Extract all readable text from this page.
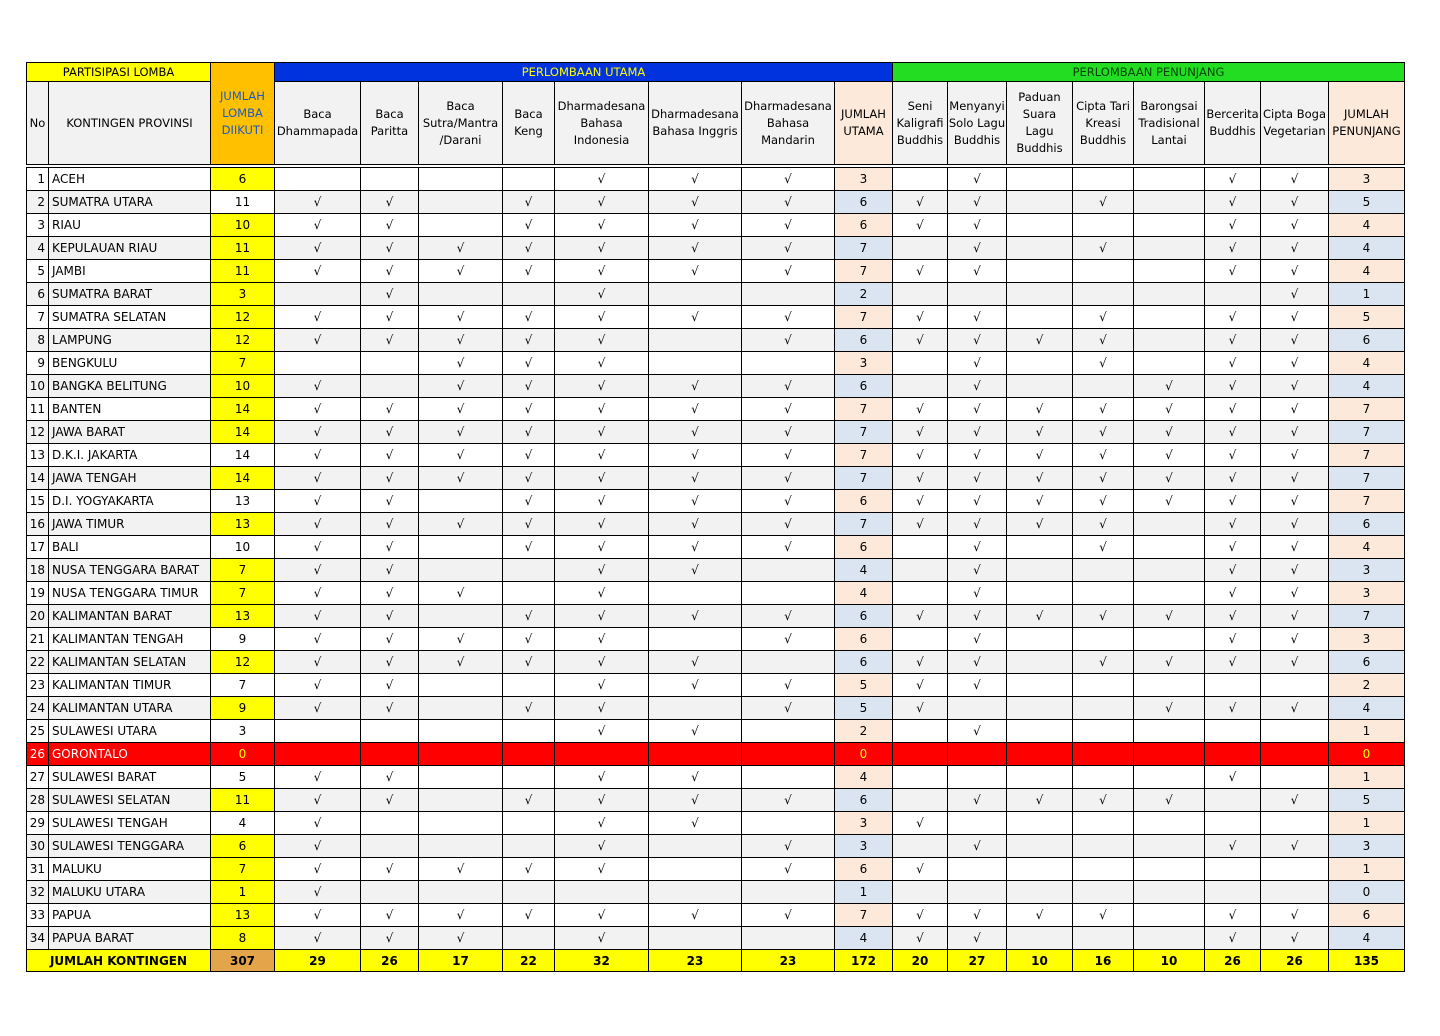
PARTISIPASI LOMBA		JUMLAH LOMBA DIIKUTI	PERLOMBAAN UTAMA								PERLOMBAAN PENUNJANG							
No	KONTINGEN PROVINSI		Baca Dhammapada	Baca Paritta	Baca Sutra/Mantra /Darani	Baca Keng	Dharmadesana Bahasa Indonesia	Dharmadesana Bahasa Inggris	Dharmadesana Bahasa Mandarin	JUMLAH UTAMA	Seni Kaligrafi Buddhis	Menyanyi Solo Lagu Buddhis	Paduan Suara Lagu Buddhis	Cipta Tari Kreasi Buddhis	Barongsai Tradisional Lantai	Bercerita Buddhis	Cipta Boga Vegetarian	JUMLAH PENUNJANG

1	ACEH	6					√	√	√	3		√				√	√	3
2	SUMATRA UTARA	11	√	√		√	√	√	√	6	√	√		√		√	√	5
3	RIAU	10	√	√		√	√	√	√	6	√	√				√	√	4
4	KEPULAUAN RIAU	11	√	√	√	√	√	√	√	7		√		√		√	√	4
5	JAMBI	11	√	√	√	√	√	√	√	7	√	√				√	√	4
6	SUMATRA BARAT	3		√			√			2							√	1
7	SUMATRA SELATAN	12	√	√	√	√	√	√	√	7	√	√		√		√	√	5
8	LAMPUNG	12	√	√	√	√	√		√	6	√	√	√	√		√	√	6
9	BENGKULU	7			√	√	√			3		√		√		√	√	4
10	BANGKA BELITUNG	10	√		√	√	√	√	√	6		√			√	√	√	4
11	BANTEN	14	√	√	√	√	√	√	√	7	√	√	√	√	√	√	√	7
12	JAWA BARAT	14	√	√	√	√	√	√	√	7	√	√	√	√	√	√	√	7
13	D.K.I. JAKARTA	14	√	√	√	√	√	√	√	7	√	√	√	√	√	√	√	7
14	JAWA TENGAH	14	√	√	√	√	√	√	√	7	√	√	√	√	√	√	√	7
15	D.I. YOGYAKARTA	13	√	√		√	√	√	√	6	√	√	√	√	√	√	√	7
16	JAWA TIMUR	13	√	√	√	√	√	√	√	7	√	√	√	√		√	√	6
17	BALI	10	√	√		√	√	√	√	6		√		√		√	√	4
18	NUSA TENGGARA BARAT	7	√	√			√	√		4		√				√	√	3
19	NUSA TENGGARA TIMUR	7	√	√	√		√			4		√				√	√	3
20	KALIMANTAN BARAT	13	√	√		√	√	√	√	6	√	√	√	√	√	√	√	7
21	KALIMANTAN TENGAH	9	√	√	√	√	√		√	6		√				√	√	3
22	KALIMANTAN SELATAN	12	√	√	√	√	√	√		6	√	√		√	√	√	√	6
23	KALIMANTAN TIMUR	7	√	√			√	√	√	5	√	√						2
24	KALIMANTAN UTARA	9	√	√		√	√		√	5	√				√	√	√	4
25	SULAWESI UTARA	3					√	√		2		√						1
26	GORONTALO	0								0								0
27	SULAWESI BARAT	5	√	√			√	√		4						√		1
28	SULAWESI SELATAN	11	√	√		√	√	√	√	6		√	√	√	√		√	5
29	SULAWESI TENGAH	4	√				√	√		3	√							1
30	SULAWESI TENGGARA	6	√				√		√	3		√				√	√	3
31	MALUKU	7	√	√	√	√	√		√	6	√							1
32	MALUKU UTARA	1	√							1								0
33	PAPUA	13	√	√	√	√	√	√	√	7	√	√	√	√		√	√	6
34	PAPUA BARAT	8	√	√	√		√			4	√	√				√	√	4
JUMLAH KONTINGEN		307	29	26	17	22	32	23	23	172	20	27	10	16	10	26	26	135
